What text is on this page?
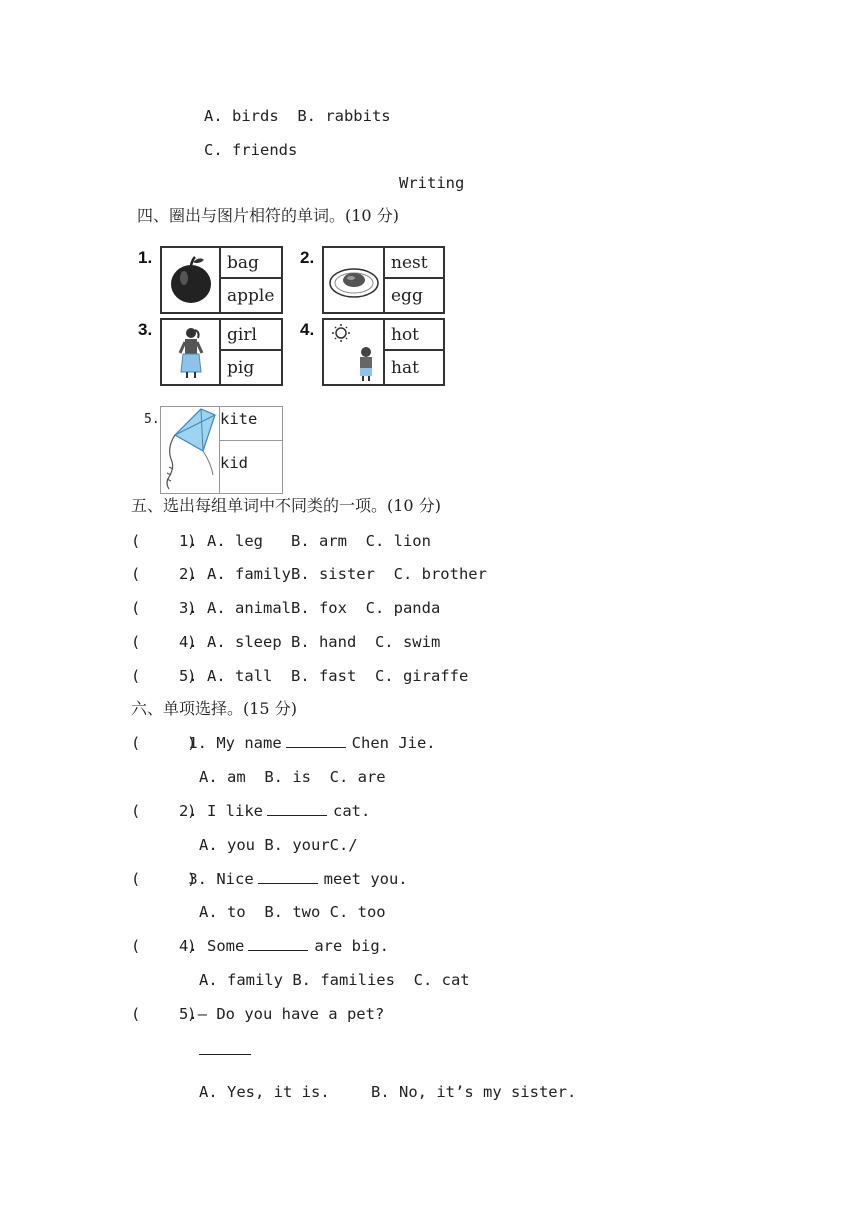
A. birds  B. rabbits
C. friends
Writing
四、圈出与图片相符的单词。(10 分)
1.	bag
apple
2.	nest
egg
3.	girl
pig
4.	hot
hat
5.	kite
kid
五、选出每组单词中不同类的一项。(10 分)
(     )
1. A. leg   B. arm  C. lion
(     )
2. A. familyB. sister  C. brother
(     )
3. A. animalB. fox  C. panda
(     )
4. A. sleep B. hand  C. swim
(     )
5. A. tall  B. fast  C. giraffe
六、单项选择。(15 分)
(     )
1. My name	Chen Jie.
A. am  B. is  C. are
(     )
2. I like	cat.
A. you B. yourC./
(     )
3. Nice	meet you.
A. to  B. two C. too
(     )
4. Some	are big.
A. family B. families  C. cat
(     )
5.— Do you have a pet?
A. Yes, it is.	B. No, it’s my sister.
